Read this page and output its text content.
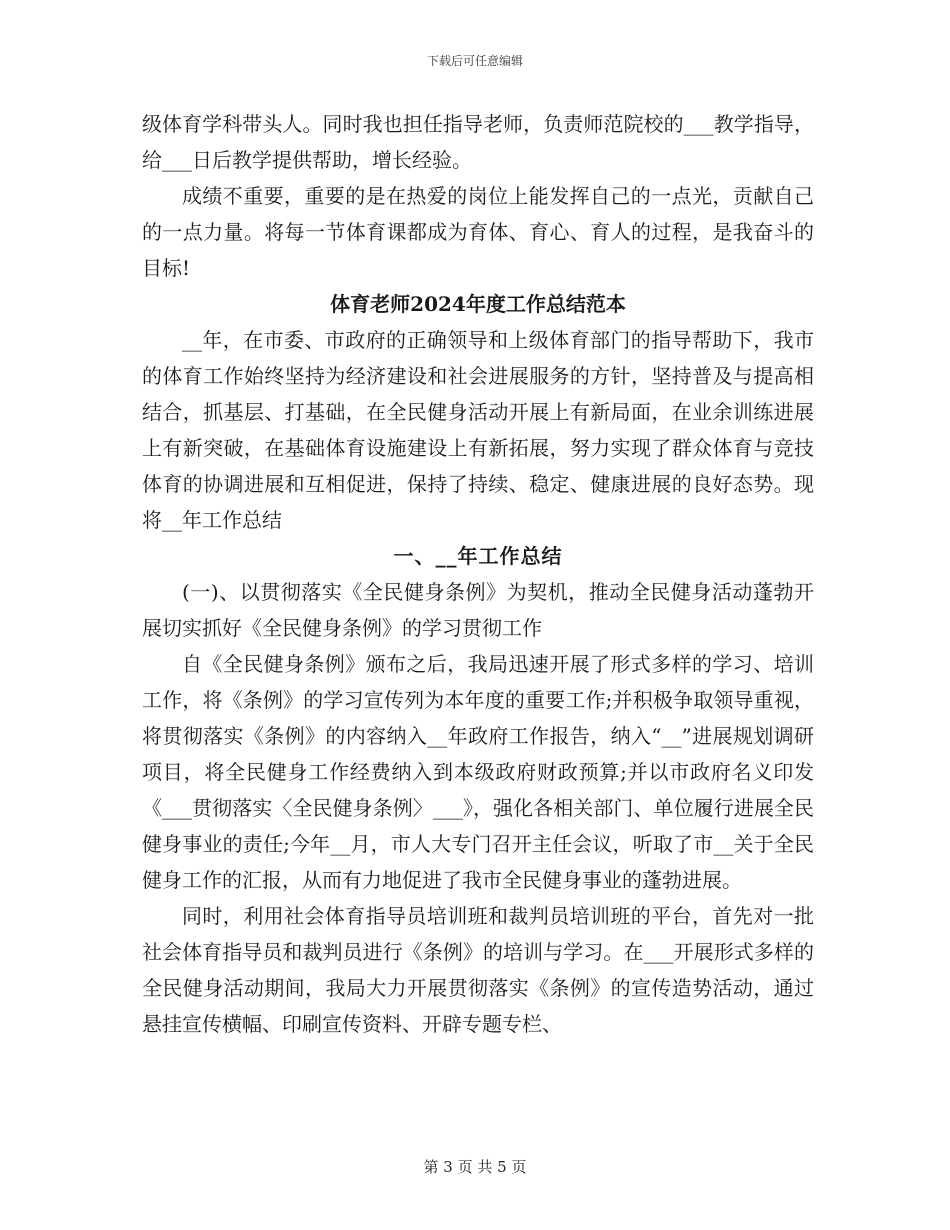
下载后可任意编辑

级体育学科带头人。同时我也担任指导老师，负责师范院校的___教学指导，给___日后教学提供帮助，增长经验。

成绩不重要，重要的是在热爱的岗位上能发挥自己的一点光，贡献自己的一点力量。将每一节体育课都成为育体、育心、育人的过程，是我奋斗的目标!

体育老师2024年度工作总结范本

__年，在市委、市政府的正确领导和上级体育部门的指导帮助下，我市的体育工作始终坚持为经济建设和社会进展服务的方针，坚持普及与提高相结合，抓基层、打基础，在全民健身活动开展上有新局面，在业余训练进展上有新突破，在基础体育设施建设上有新拓展，努力实现了群众体育与竞技体育的协调进展和互相促进，保持了持续、稳定、健康进展的良好态势。现将__年工作总结

一、__年工作总结

(一)、以贯彻落实《全民健身条例》为契机，推动全民健身活动蓬勃开展切实抓好《全民健身条例》的学习贯彻工作

自《全民健身条例》颁布之后，我局迅速开展了形式多样的学习、培训工作，将《条例》的学习宣传列为本年度的重要工作;并积极争取领导重视，将贯彻落实《条例》的内容纳入__年政府工作报告，纳入“__”进展规划调研项目，将全民健身工作经费纳入到本级政府财政预算;并以市政府名义印发《___贯彻落实〈全民健身条例〉___》，强化各相关部门、单位履行进展全民健身事业的责任;今年__月，市人大专门召开主任会议，听取了市__关于全民健身工作的汇报，从而有力地促进了我市全民健身事业的蓬勃进展。

同时，利用社会体育指导员培训班和裁判员培训班的平台，首先对一批社会体育指导员和裁判员进行《条例》的培训与学习。在___开展形式多样的全民健身活动期间，我局大力开展贯彻落实《条例》的宣传造势活动，通过悬挂宣传横幅、印刷宣传资料、开辟专题专栏、

第 3 页 共 5 页
